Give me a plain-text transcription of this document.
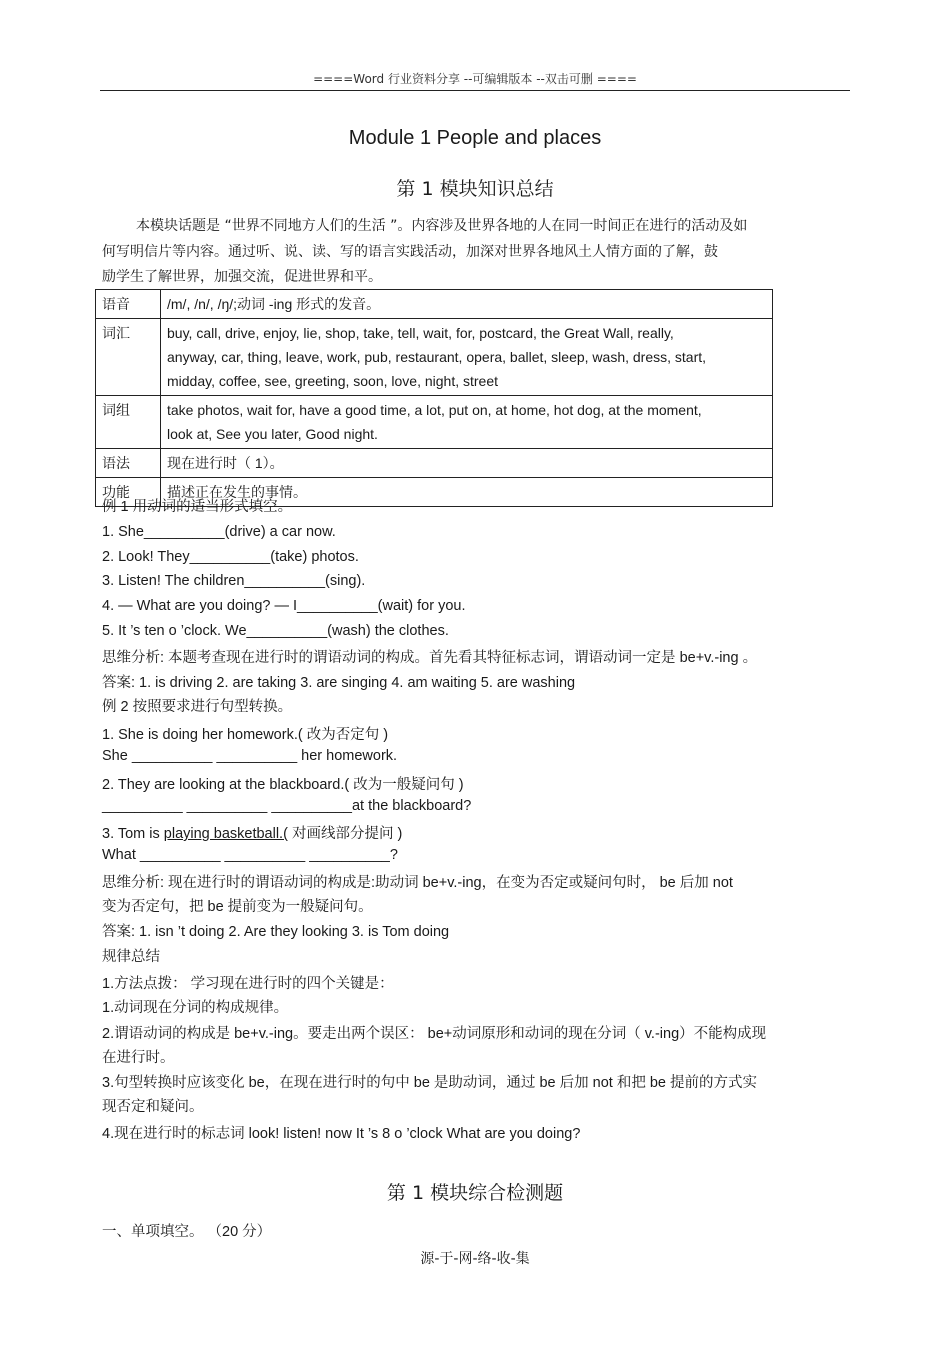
====Word 行业资料分享 --可编辑版本 --双击可删 ====
Module 1 People and places
第 1 模块知识总结
本模块话题是 “世界不同地方人们的生活 ”。内容涉及世界各地的人在同一时间正在进行的活动及如
何写明信片等内容。通过听、说、读、写的语言实践活动，加深对世界各地风土人情方面的了解，鼓
励学生了解世界，加强交流，促进世界和平。
语音	/m/, /n/, /ŋ/;动词 -ing 形式的发音。

词汇	buy, call, drive, enjoy, lie, shop, take, tell, wait, for, postcard, the Great Wall, really,
anyway, car, thing, leave, work, pub, restaurant, opera, ballet, sleep, wash, dress, start,
midday, coffee, see, greeting, soon, love, night, street

词组	take photos, wait for, have a good time, a lot, put on, at home, hot dog, at the moment,
look at, See you later, Good night.

语法	现在进行时（ 1）。

功能	描述正在发生的事情。
例 1 用动词的适当形式填空。
1. She__________(drive) a car now.
2. Look! They__________(take) photos.
3. Listen! The children__________(sing).
4. — What are you doing? — I__________(wait) for you.
5. It ’s ten o ’clock. We__________(wash) the clothes.
思维分析: 本题考查现在进行时的谓语动词的构成。首先看其特征标志词，谓语动词一定是 be+v.-ing 。
答案: 1. is driving 2. are taking 3. are singing 4. am waiting 5. are washing
例 2 按照要求进行句型转换。
1. She is doing her homework.( 改为否定句 )
She __________ __________ her homework.
2. They are looking at the blackboard.( 改为一般疑问句 )
__________ __________ __________at the blackboard?
What __________ __________ __________?
思维分析: 现在进行时的谓语动词的构成是:助动词 be+v.-ing，在变为否定或疑问句时， be 后加 not
变为否定句，把 be 提前变为一般疑问句。
答案: 1. isn ’t doing 2. Are they looking 3. is Tom doing
规律总结
1.方法点拨： 学习现在进行时的四个关键是：
1.动词现在分词的构成规律。
2.谓语动词的构成是 be+v.-ing。要走出两个误区： be+动词原形和动词的现在分词（ v.-ing）不能构成现
在进行时。
3.句型转换时应该变化 be，在现在进行时的句中 be 是助动词，通过 be 后加 not 和把 be 提前的方式实
现否定和疑问。
4.现在进行时的标志词 look! listen! now It ’s 8 o ’clock What are you doing?
一、单项填空。 （20 分）
3. Tom is playing basketball.( 对画线部分提问 )
第 1 模块综合检测题
源-于-网-络-收-集
